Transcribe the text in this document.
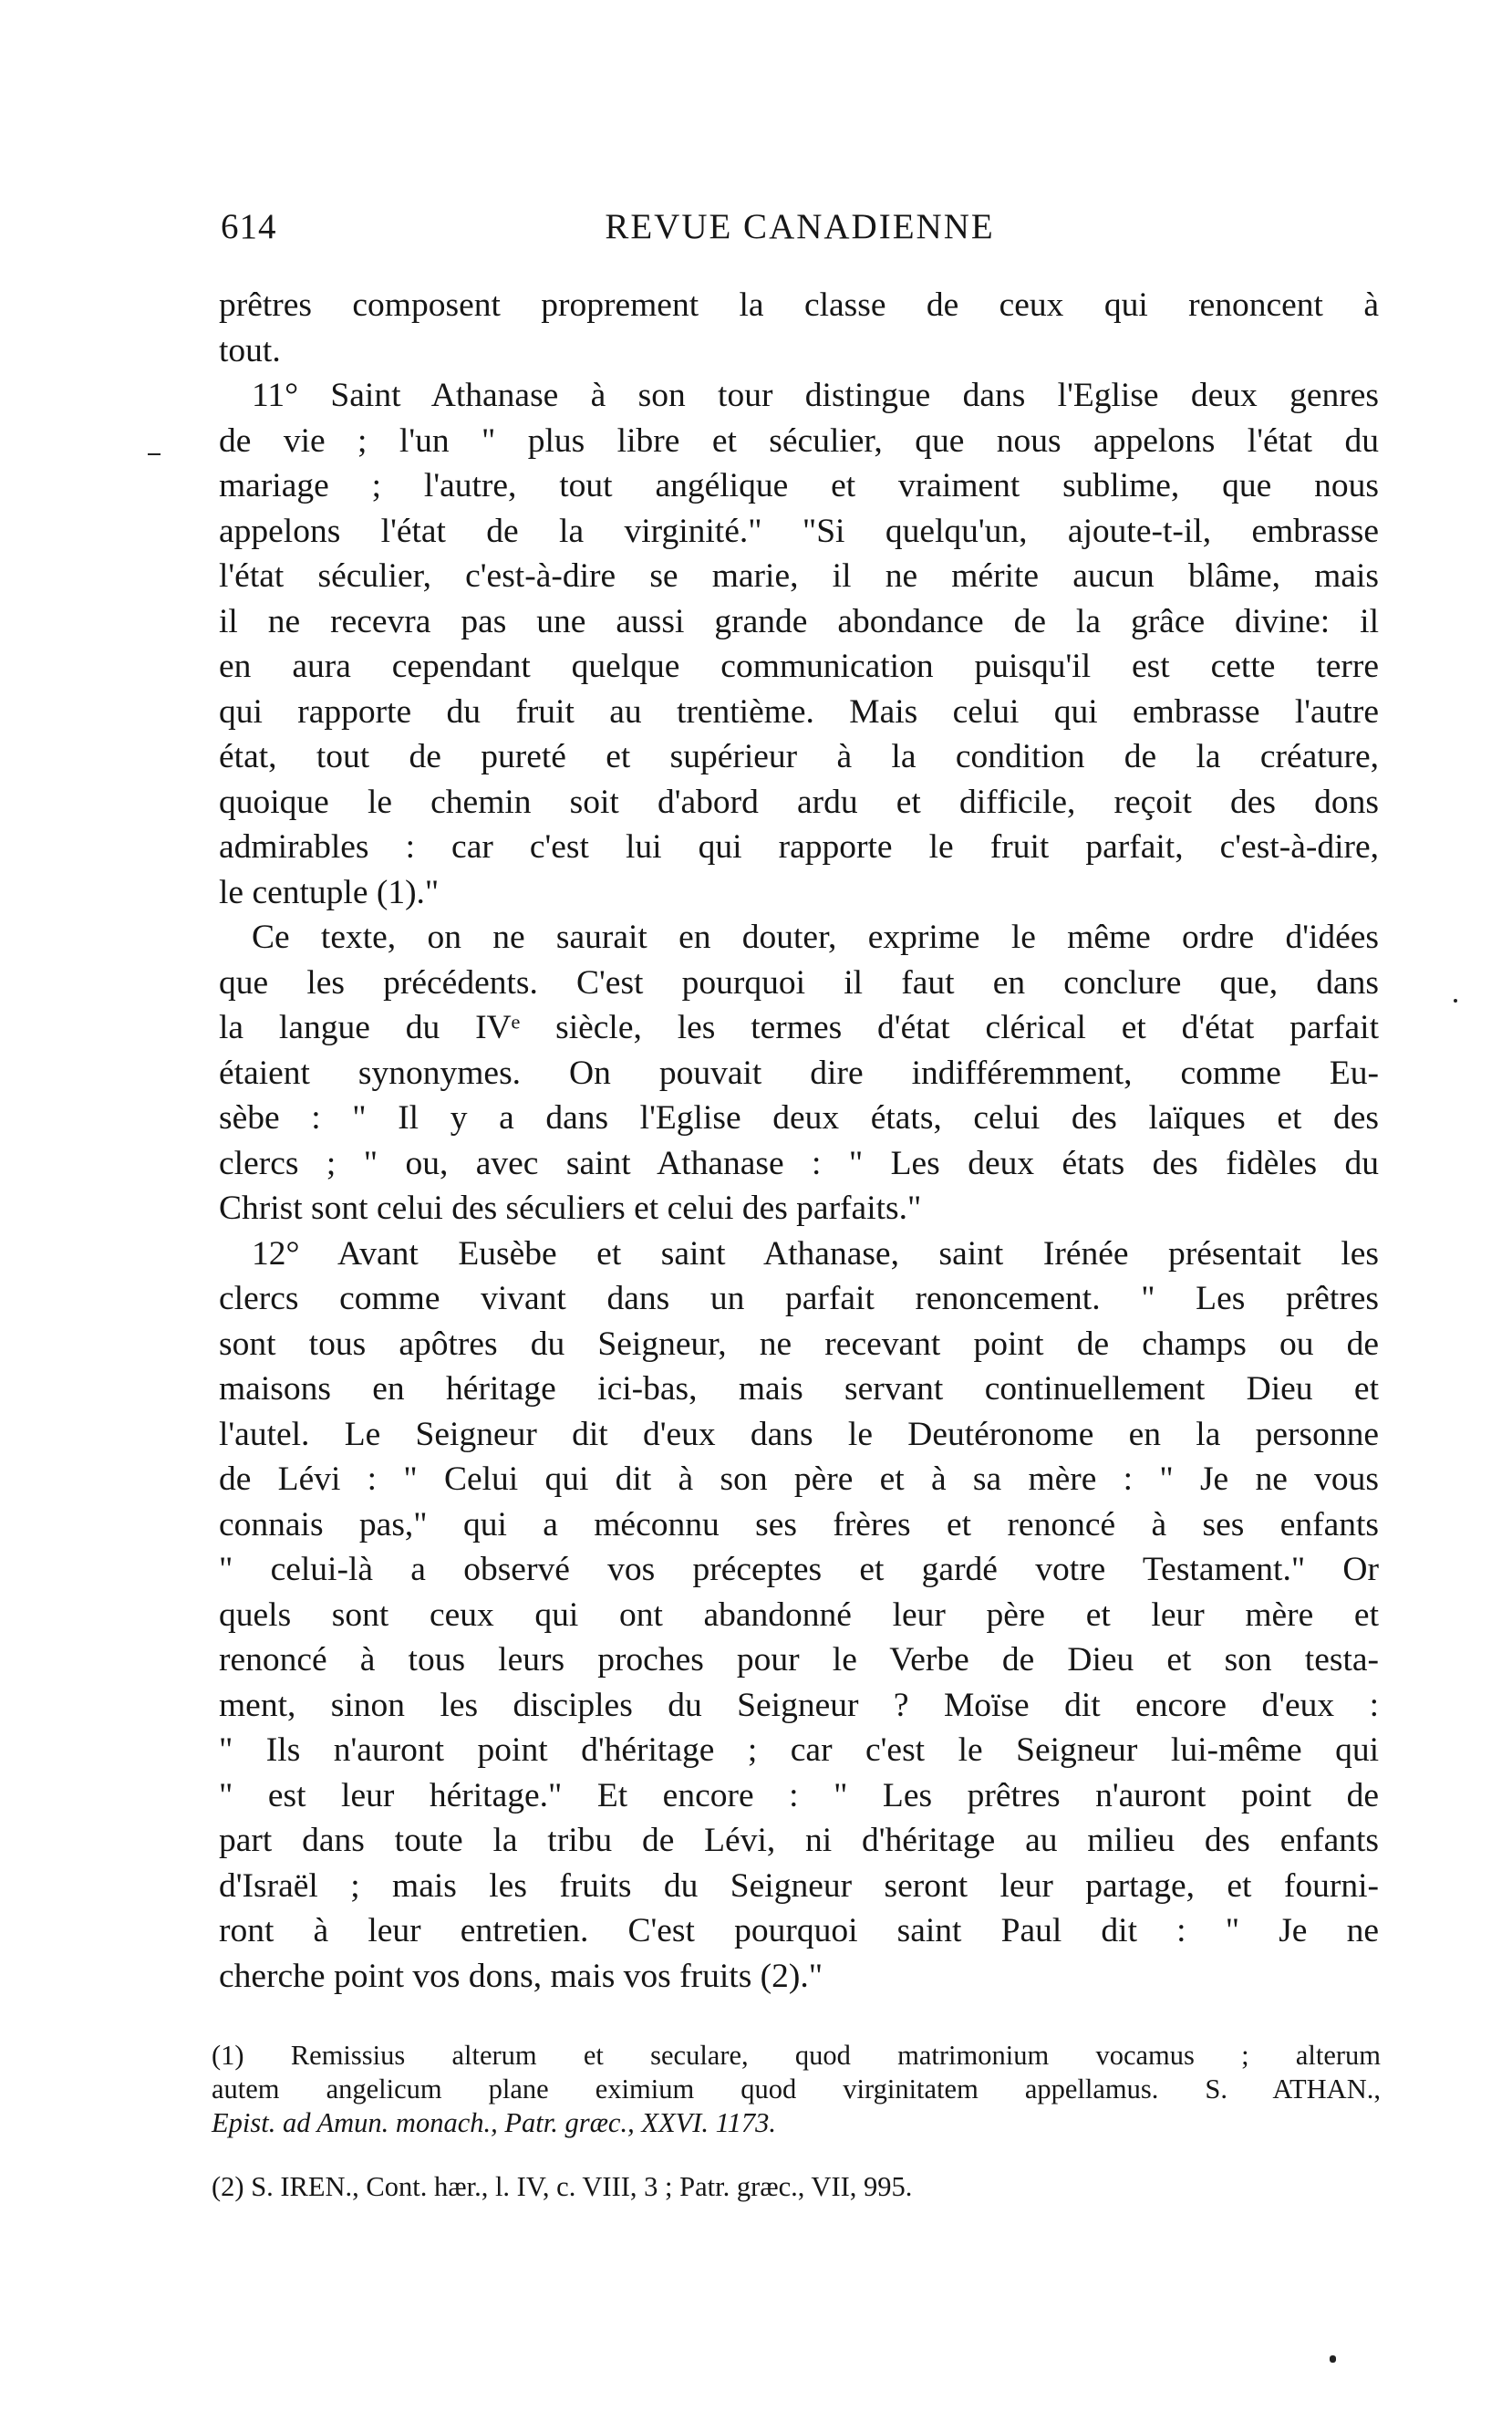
614	REVUE CANADIENNE
prêtres composent proprement la classe de ceux qui renoncent à
tout.
11° Saint Athanase à son tour distingue dans l'Eglise deux genres
de vie ; l'un " plus libre et séculier, que nous appelons l'état du
mariage ; l'autre, tout angélique et vraiment sublime, que nous
appelons l'état de la virginité." "Si quelqu'un, ajoute-t-il, embrasse
l'état séculier, c'est-à-dire se marie, il ne mérite aucun blâme, mais
il ne recevra pas une aussi grande abondance de la grâce divine: il
en aura cependant quelque communication puisqu'il est cette terre
qui rapporte du fruit au trentième. Mais celui qui embrasse l'autre
état, tout de pureté et supérieur à la condition de la créature,
quoique le chemin soit d'abord ardu et difficile, reçoit des dons
admirables : car c'est lui qui rapporte le fruit parfait, c'est-à-dire,
le centuple (1)."
Ce texte, on ne saurait en douter, exprime le même ordre d'idées
que les précédents. C'est pourquoi il faut en conclure que, dans
la langue du IVᵉ siècle, les termes d'état clérical et d'état parfait
étaient synonymes. On pouvait dire indifféremment, comme Eu-
sèbe : " Il y a dans l'Eglise deux états, celui des laïques et des
clercs ; " ou, avec saint Athanase : " Les deux états des fidèles du
Christ sont celui des séculiers et celui des parfaits."
12° Avant Eusèbe et saint Athanase, saint Irénée présentait les
clercs comme vivant dans un parfait renoncement. " Les prêtres
sont tous apôtres du Seigneur, ne recevant point de champs ou de
maisons en héritage ici-bas, mais servant continuellement Dieu et
l'autel. Le Seigneur dit d'eux dans le Deutéronome en la personne
de Lévi : " Celui qui dit à son père et à sa mère : " Je ne vous
connais pas," qui a méconnu ses frères et renoncé à ses enfants
" celui-là a observé vos préceptes et gardé votre Testament." Or
quels sont ceux qui ont abandonné leur père et leur mère et
renoncé à tous leurs proches pour le Verbe de Dieu et son testa-
ment, sinon les disciples du Seigneur ? Moïse dit encore d'eux :
" Ils n'auront point d'héritage ; car c'est le Seigneur lui-même qui
" est leur héritage." Et encore : " Les prêtres n'auront point de
part dans toute la tribu de Lévi, ni d'héritage au milieu des enfants
d'Israël ; mais les fruits du Seigneur seront leur partage, et fourni-
ront à leur entretien. C'est pourquoi saint Paul dit : " Je ne
cherche point vos dons, mais vos fruits (2)."
(1) Remissius alterum et seculare, quod matrimonium vocamus ; alterum
autem angelicum plane eximium quod virginitatem appellamus. S. ATHAN.,
Epist. ad Amun. monach., Patr. græc., XXVI. 1173.
(2) S. IREN., Cont. hær., l. IV, c. VIII, 3 ; Patr. græc., VII, 995.
